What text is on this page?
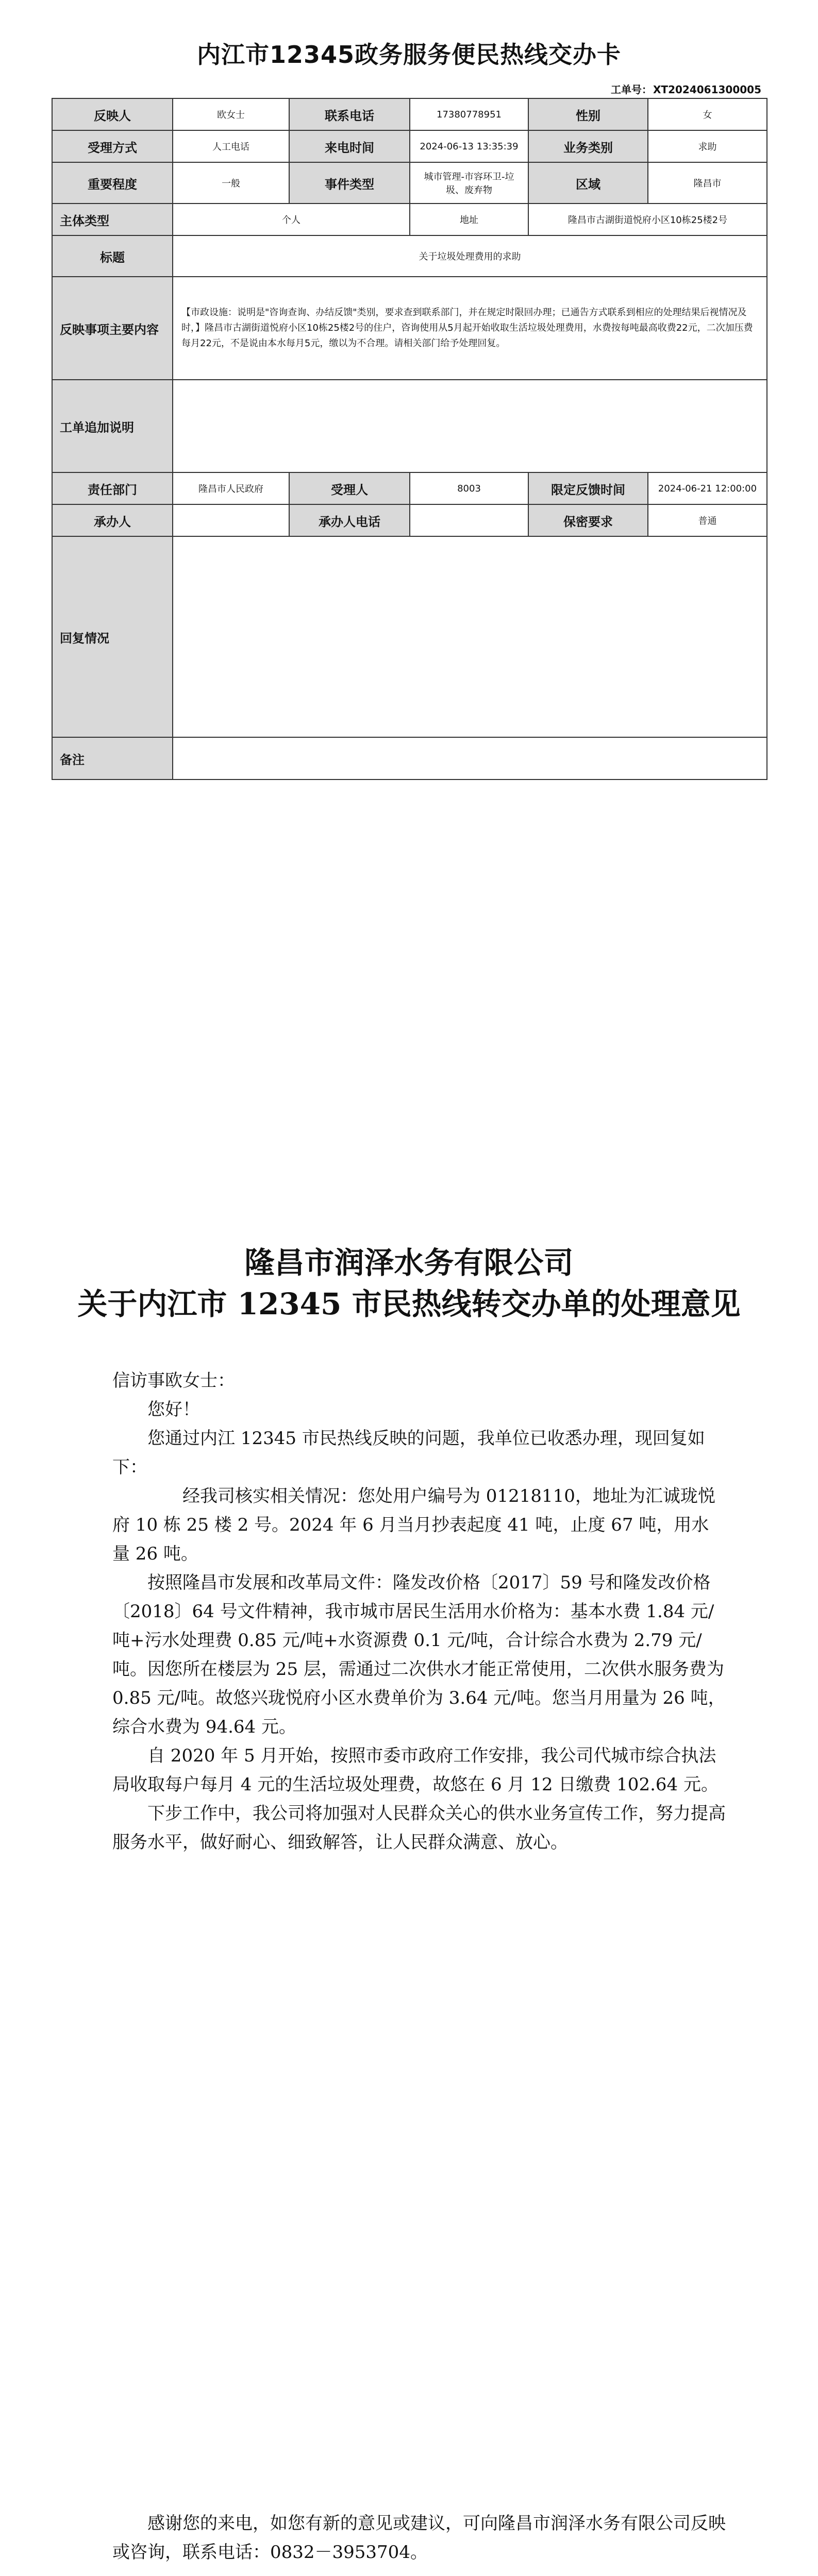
内江市12345政务服务便民热线交办卡
工单号： XT2024061300005
反映人	欧女士	联系电话	17380778951	性别	女
受理方式	人工电话	来电时间	2024-06-13 13:35:39	业务类别	求助
重要程度	一般	事件类型	城市管理-市容环卫-垃圾、废弃物	区域	隆昌市
主体类型	个人		地址	隆昌市古湖街道悦府小区10栋25楼2号	
标题	关于垃圾处理费用的求助				
反映事项主要内容	【市政设施：说明是"咨询查询、办结反馈"类别，要求查到联系部门，并在规定时限回办理；已通告方式联系到相应的处理结果后视情况及时，】隆昌市古湖街道悦府小区10栋25楼2号的住户，咨询使用从5月起开始收取生活垃圾处理费用，水费按每吨最高收费22元，二次加压费每月22元，不是说由本水每月5元，缴以为不合理。请相关部门给予处理回复。				
工单追加说明					
责任部门	隆昌市人民政府	受理人	8003	限定反馈时间	2024-06-21 12:00:00
承办人		承办人电话		保密要求	普通
回复情况					
备注					
隆昌市润泽水务有限公司
关于内江市 12345 市民热线转交办单的处理意见

信访事欧女士：

您好！

您通过内江 12345 市民热线反映的问题，我单位已收悉办理，现回复如下：

经我司核实相关情况：您处用户编号为 01218110，地址为汇诚珑悦府 10 栋 25 楼 2 号。2024 年 6 月当月抄表起度 41 吨，止度 67 吨，用水量 26 吨。

按照隆昌市发展和改革局文件：隆发改价格〔2017〕59 号和隆发改价格〔2018〕64 号文件精神，我市城市居民生活用水价格为：基本水费 1.84 元/吨+污水处理费 0.85 元/吨+水资源费 0.1 元/吨，合计综合水费为 2.79 元/吨。因您所在楼层为 25 层，需通过二次供水才能正常使用，二次供水服务费为 0.85 元/吨。故悠兴珑悦府小区水费单价为 3.64 元/吨。您当月用量为 26 吨，综合水费为 94.64 元。

自 2020 年 5 月开始，按照市委市政府工作安排，我公司代城市综合执法局收取每户每月 4 元的生活垃圾处理费，故悠在 6 月 12 日缴费 102.64 元。

下步工作中，我公司将加强对人民群众关心的供水业务宣传工作，努力提高服务水平，做好耐心、细致解答，让人民群众满意、放心。

感谢您的来电，如您有新的意见或建议，可向隆昌市润泽水务有限公司反映或咨询，联系电话：0832－3953704。
